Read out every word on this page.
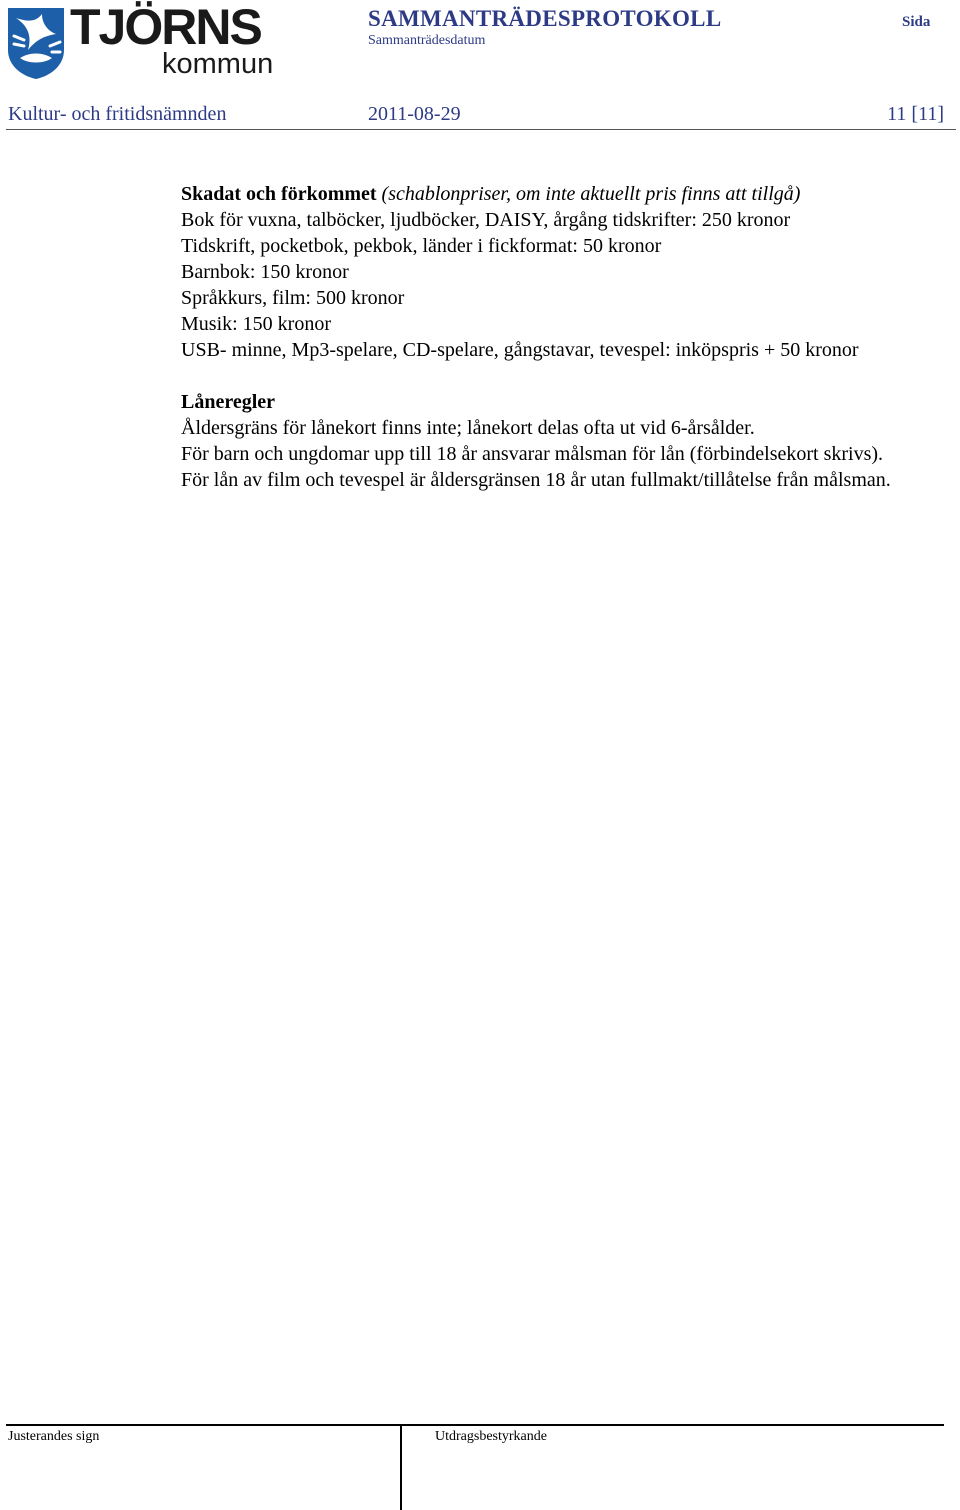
TJÖRNS
kommun
SAMMANTRÄDESPROTOKOLL
Sammanträdesdatum
Sida
Kultur- och fritidsnämnden	2011-08-29	11 [11]

Skadat och förkommet (schablonpriser, om inte aktuellt pris finns att tillgå)

Bok för vuxna, talböcker, ljudböcker, DAISY, årgång tidskrifter: 250 kronor

Tidskrift, pocketbok, pekbok, länder i fickformat: 50 kronor

Barnbok: 150 kronor

Språkkurs, film: 500 kronor

Musik: 150 kronor

USB- minne, Mp3-spelare, CD-spelare, gångstavar, tevespel: inköpspris + 50 kronor

Låneregler

Åldersgräns för lånekort finns inte; lånekort delas ofta ut vid 6-årsålder.

För barn och ungdomar upp till 18 år ansvarar målsman för lån (förbindelsekort skrivs).

För lån av film och tevespel är åldersgränsen 18 år utan fullmakt/tillåtelse från målsman.

Justerandes sign	Utdragsbestyrkande
